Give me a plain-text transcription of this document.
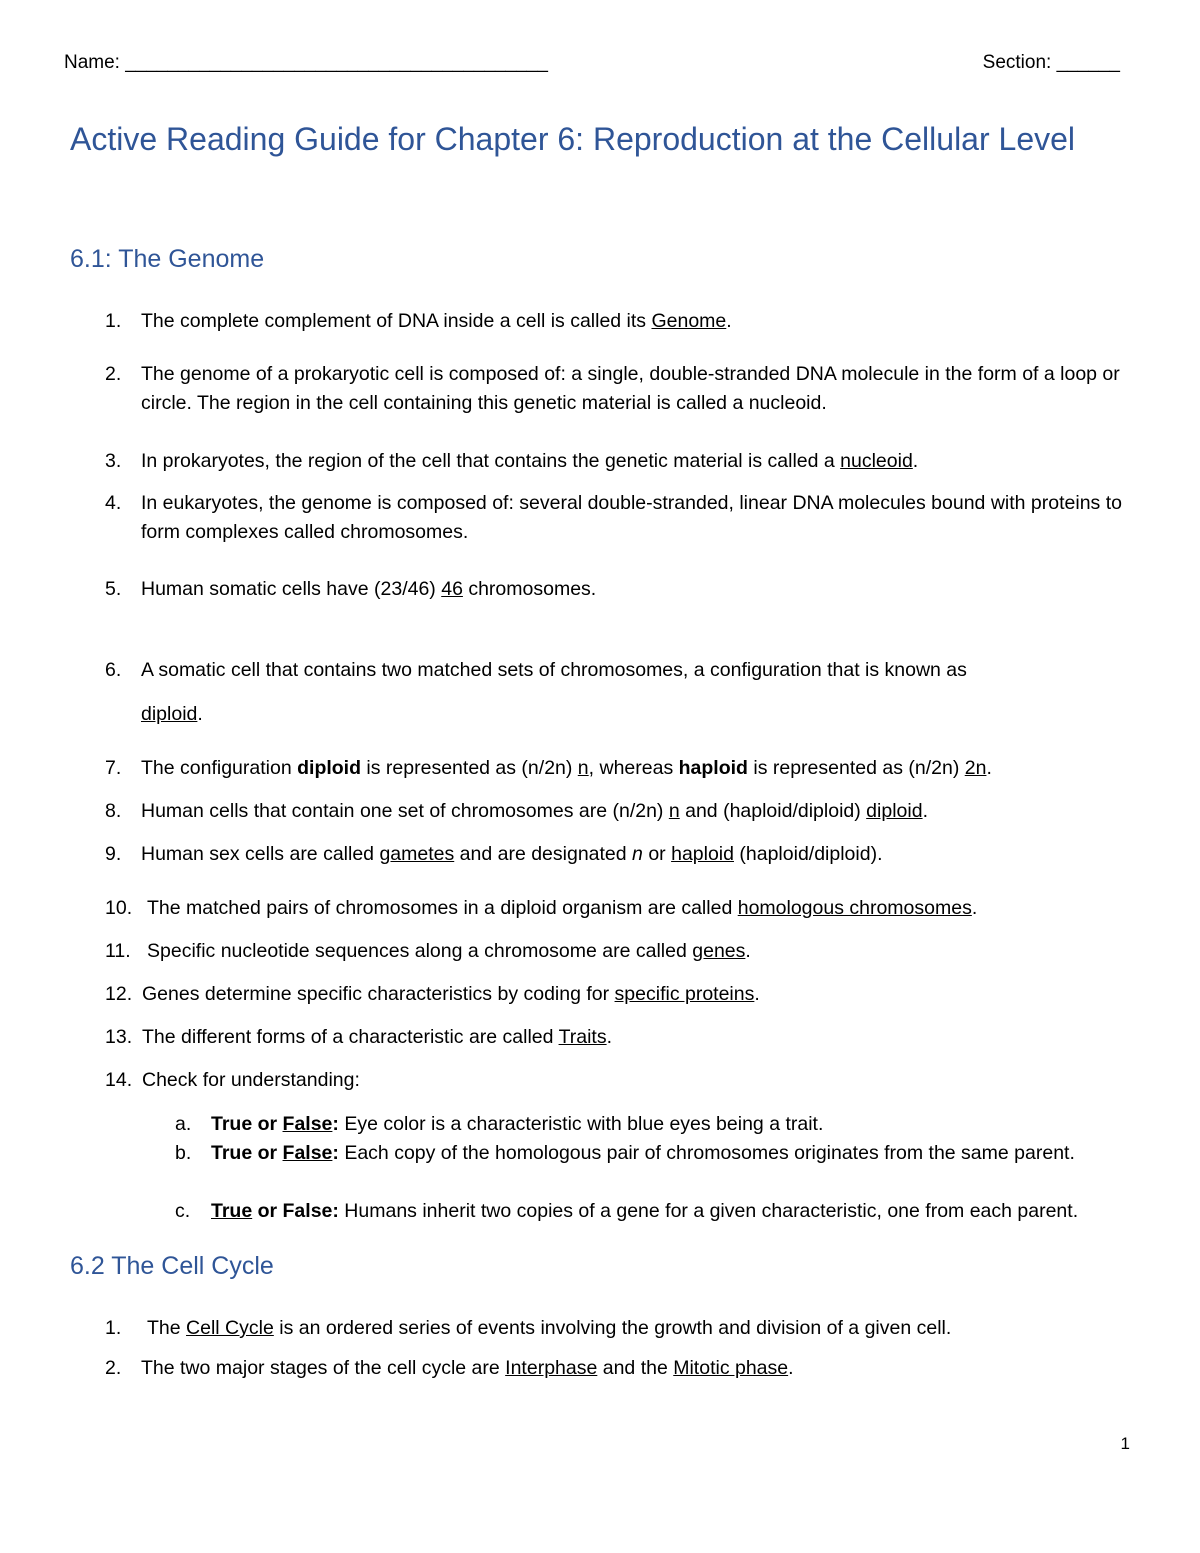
Name: ________________________________________	Section: ______
Active Reading Guide for Chapter 6: Reproduction at the Cellular Level
6.1: The Genome
1. The complete complement of DNA inside a cell is called its Genome.
2. The genome of a prokaryotic cell is composed of: a single, double-stranded DNA molecule in the form of a loop or circle. The region in the cell containing this genetic material is called a nucleoid.
3. In prokaryotes, the region of the cell that contains the genetic material is called a nucleoid.
4. In eukaryotes, the genome is composed of: several double-stranded, linear DNA molecules bound with proteins to form complexes called chromosomes.
5. Human somatic cells have (23/46) 46 chromosomes.
6. A somatic cell that contains two matched sets of chromosomes, a configuration that is known as
diploid.
7. The configuration diploid is represented as (n/2n) n, whereas haploid is represented as (n/2n) 2n.
8. Human cells that contain one set of chromosomes are (n/2n) n and (haploid/diploid) diploid.
9. Human sex cells are called gametes and are designated n or haploid (haploid/diploid).
10. The matched pairs of chromosomes in a diploid organism are called homologous chromosomes.
11. Specific nucleotide sequences along a chromosome are called genes.
12. Genes determine specific characteristics by coding for specific proteins.
13. The different forms of a characteristic are called Traits.
14. Check for understanding:
a. True or False: Eye color is a characteristic with blue eyes being a trait.
b. True or False: Each copy of the homologous pair of chromosomes originates from the same parent.
c. True or False: Humans inherit two copies of a gene for a given characteristic, one from each parent.
6.2 The Cell Cycle
1. The Cell Cycle is an ordered series of events involving the growth and division of a given cell.
2. The two major stages of the cell cycle are Interphase and the Mitotic phase.
1
